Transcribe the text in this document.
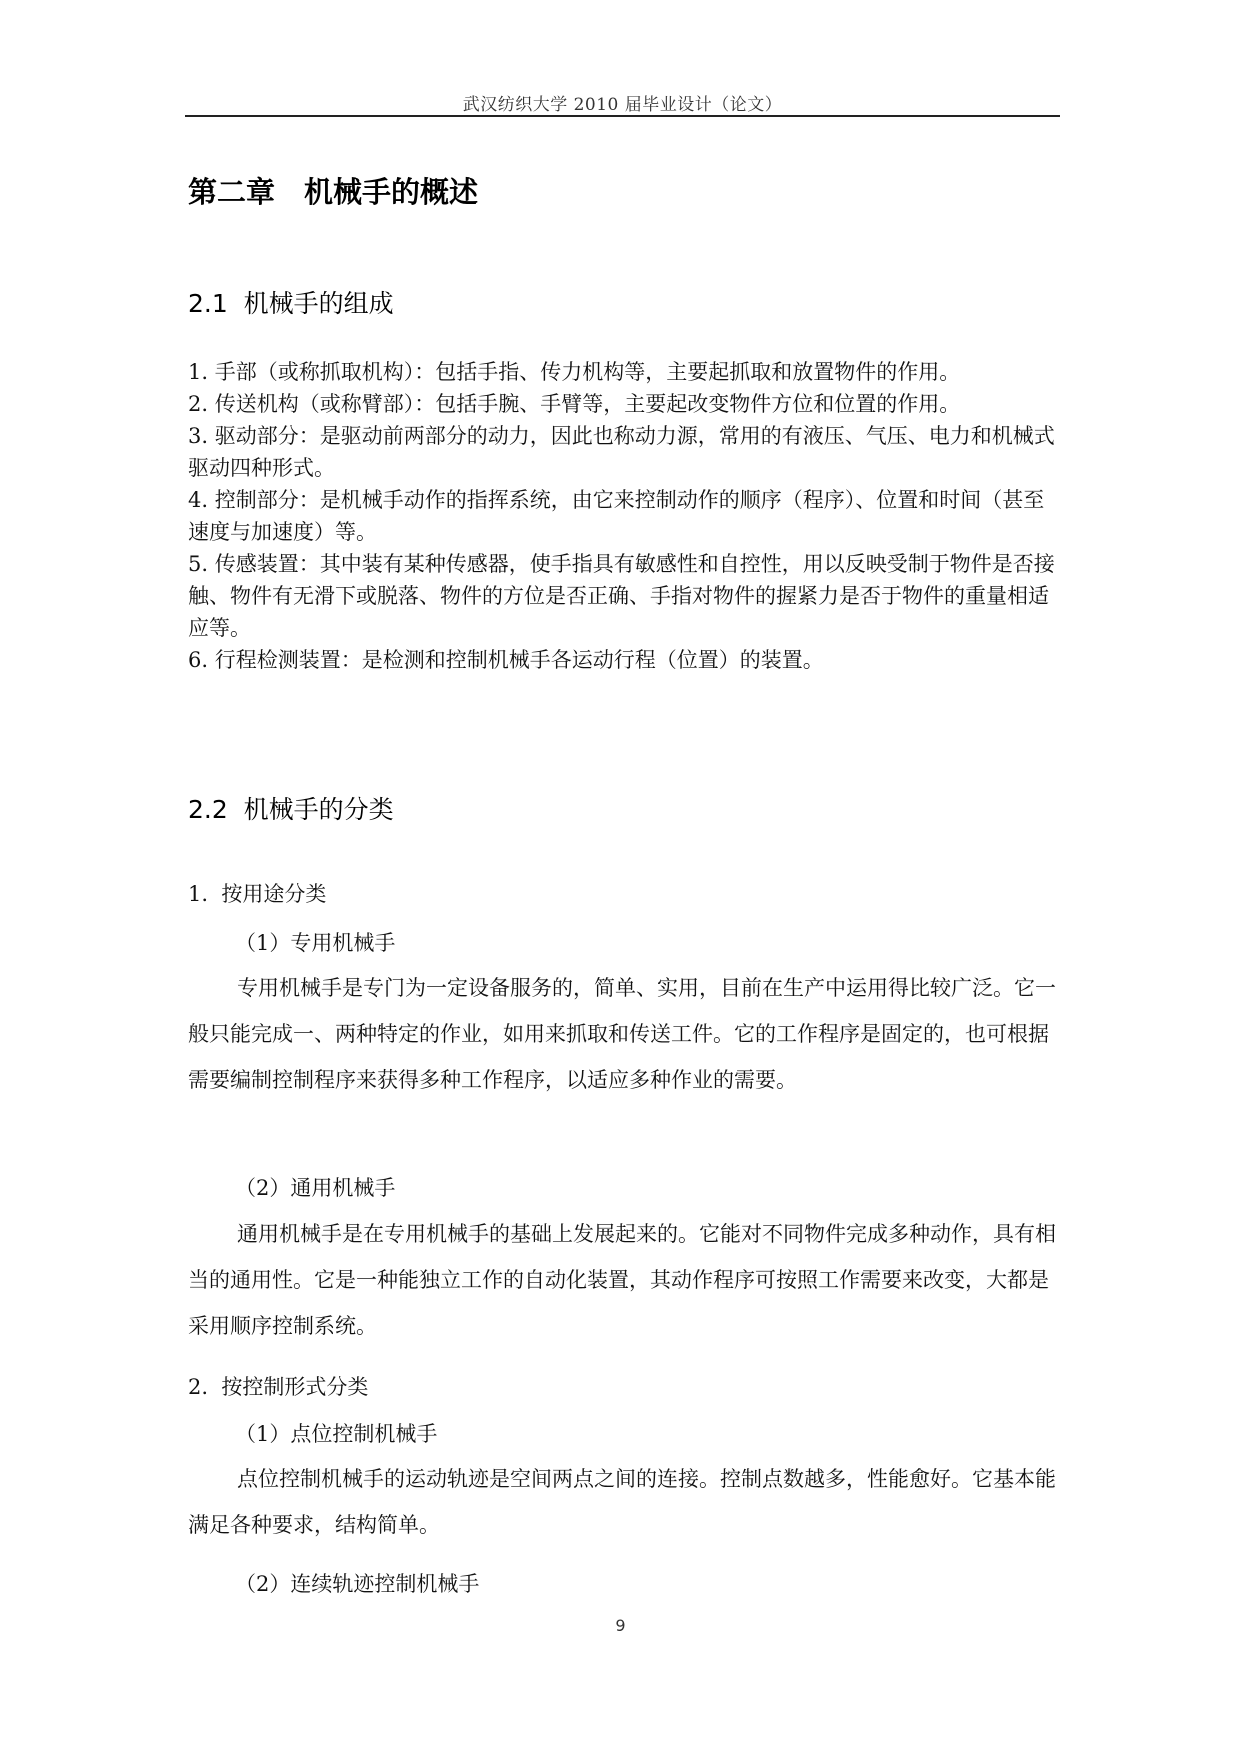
武汉纺织大学 2010 届毕业设计（论文）
第二章　机械手的概述
2.1  机械手的组成

1. 手部（或称抓取机构）：包括手指、传力机构等，主要起抓取和放置物件的作用。

2. 传送机构（或称臂部）：包括手腕、手臂等，主要起改变物件方位和位置的作用。

3. 驱动部分：是驱动前两部分的动力，因此也称动力源，常用的有液压、气压、电力和机械式驱动四种形式。

4. 控制部分：是机械手动作的指挥系统，由它来控制动作的顺序（程序）、位置和时间（甚至速度与加速度）等。

5. 传感装置：其中装有某种传感器，使手指具有敏感性和自控性，用以反映受制于物件是否接触、物件有无滑下或脱落、物件的方位是否正确、手指对物件的握紧力是否于物件的重量相适应等。

6. 行程检测装置：是检测和控制机械手各运动行程（位置）的装置。

2.2  机械手的分类
1.  按用途分类
（1）专用机械手
专用机械手是专门为一定设备服务的，简单、实用，目前在生产中运用得比较广泛。它一般只能完成一、两种特定的作业，如用来抓取和传送工件。它的工作程序是固定的，也可根据需要编制控制程序来获得多种工作程序，以适应多种作业的需要。
（2）通用机械手
通用机械手是在专用机械手的基础上发展起来的。它能对不同物件完成多种动作，具有相当的通用性。它是一种能独立工作的自动化装置，其动作程序可按照工作需要来改变，大都是采用顺序控制系统。
2.  按控制形式分类
（1）点位控制机械手
点位控制机械手的运动轨迹是空间两点之间的连接。控制点数越多，性能愈好。它基本能满足各种要求，结构简单。
（2）连续轨迹控制机械手
9
